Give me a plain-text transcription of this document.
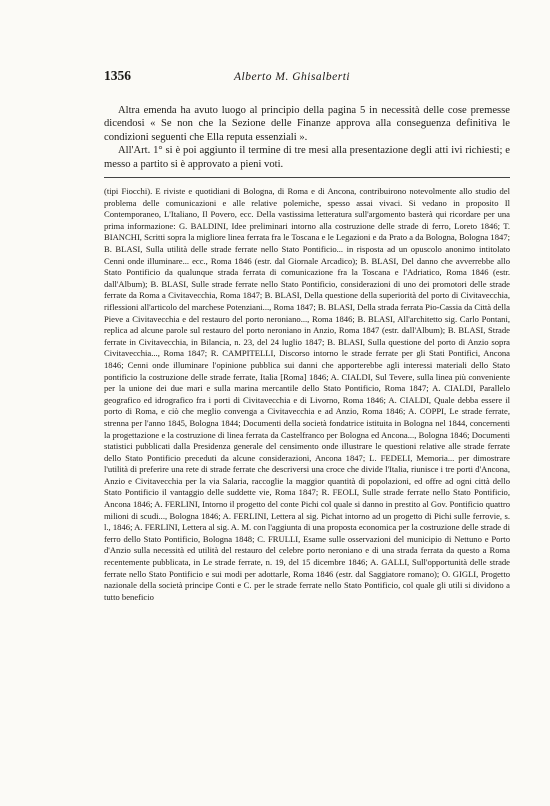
1356	Alberto M. Ghisalberti

Altra emenda ha avuto luogo al principio della pagina 5 in necessità delle cose premesse dicendosi « Se non che la Sezione delle Finanze approva alla conseguenza definitiva le condizioni seguenti che Ella reputa essenziali ».

All'Art. 1° si è poi aggiunto il termine di tre mesi alla presentazione degli atti ivi richiesti; e messo a partito si è approvato a pieni voti.

(tipi Fiocchi). E riviste e quotidiani di Bologna, di Roma e di Ancona, contribuirono notevolmente allo studio del problema delle comunicazioni e alle relative polemiche, spesso assai vivaci. Si vedano in proposito Il Contemporaneo, L'Italiano, Il Povero, ecc. Della vastissima letteratura sull'argomento basterà qui ricordare per una prima informazione: G. BALDINI, Idee preliminari intorno alla costruzione delle strade di ferro, Loreto 1846; T. BIANCHI, Scritti sopra la migliore linea ferrata fra le Toscana e le Legazioni e da Prato a da Bologna, Bologna 1847; B. BLASI, Sulla utilità delle strade ferrate nello Stato Pontificio... in risposta ad un opuscolo anonimo intitolato Cenni onde illuminare... ecc., Roma 1846 (estr. dal Giornale Arcadico); B. BLASI, Del danno che avverrebbe allo Stato Pontificio da qualunque strada ferrata di comunicazione fra la Toscana e l'Adriatico, Roma 1846 (estr. dall'Album); B. BLASI, Sulle strade ferrate nello Stato Pontificio, considerazioni di uno dei promotori delle strade ferrate da Roma a Civitavecchia, Roma 1847; B. BLASI, Della questione della superiorità del porto di Civitavecchia, riflessioni all'articolo del marchese Potenziani..., Roma 1847; B. BLASI, Della strada ferrata Pio-Cassia da Città della Pieve a Civitavecchia e del restauro del porto neroniano..., Roma 1846; B. BLASI, All'architetto sig. Carlo Pontani, replica ad alcune parole sul restauro del porto neroniano in Anzio, Roma 1847 (estr. dall'Album); B. BLASI, Strade ferrate in Civitavecchia, in Bilancia, n. 23, del 24 luglio 1847; B. BLASI, Sulla questione del porto di Anzio sopra Civitavecchia..., Roma 1847; R. CAMPITELLI, Discorso intorno le strade ferrate per gli Stati Pontifici, Ancona 1846; Cenni onde illuminare l'opinione pubblica sui danni che apporterebbe agli interessi materiali dello Stato pontificio la costruzione delle strade ferrate, Italia [Roma] 1846; A. CIALDI, Sul Tevere, sulla linea più conveniente per la unione dei due mari e sulla marina mercantile dello Stato Pontificio, Roma 1847; A. CIALDI, Parallelo geografico ed idrografico fra i porti di Civitavecchia e di Livorno, Roma 1846; A. CIALDI, Quale debba essere il porto di Roma, e ciò che meglio convenga a Civitavecchia e ad Anzio, Roma 1846; A. COPPI, Le strade ferrate, strenna per l'anno 1845, Bologna 1844; Documenti della società fondatrice istituita in Bologna nel 1844, concernenti la progettazione e la costruzione di linea ferrata da Castelfranco per Bologna ed Ancona..., Bologna 1846; Documenti statistici pubblicati dalla Presidenza generale del censimento onde illustrare le questioni relative alle strade ferrate dello Stato Pontificio preceduti da alcune considerazioni, Ancona 1847; L. FEDELI, Memoria... per dimostrare l'utilità di preferire una rete di strade ferrate che descriversi una croce che divide l'Italia, riunisce i tre porti d'Ancona, Anzio e Civitavecchia per la via Salaria, raccoglie la maggior quantità di popolazioni, ed offre ad ogni città dello Stato Pontificio il vantaggio delle suddette vie, Roma 1847; R. FEOLI, Sulle strade ferrate nello Stato Pontificio, Ancona 1846; A. FERLINI, Intorno il progetto del conte Pichi col quale si danno in prestito al Gov. Pontificio quattro milioni di scudi..., Bologna 1846; A. FERLINI, Lettera al sig. Pichat intorno ad un progetto di Pichi sulle ferrovie, s. l., 1846; A. FERLINI, Lettera al sig. A. M. con l'aggiunta di una proposta economica per la costruzione delle strade di ferro dello Stato Pontificio, Bologna 1848; C. FRULLI, Esame sulle osservazioni del municipio di Nettuno e Porto d'Anzio sulla necessità ed utilità del restauro del celebre porto neroniano e di una strada ferrata da questo a Roma recentemente pubblicata, in Le strade ferrate, n. 19, del 15 dicembre 1846; A. GALLI, Sull'opportunità delle strade ferrate nello Stato Pontificio e sui modi per adottarle, Roma 1846 (estr. dal Saggiatore romano); O. GIGLI, Progetto nazionale della società principe Conti e C. per le strade ferrate nello Stato Pontificio, col quale gli utili si dividono a tutto beneficio
